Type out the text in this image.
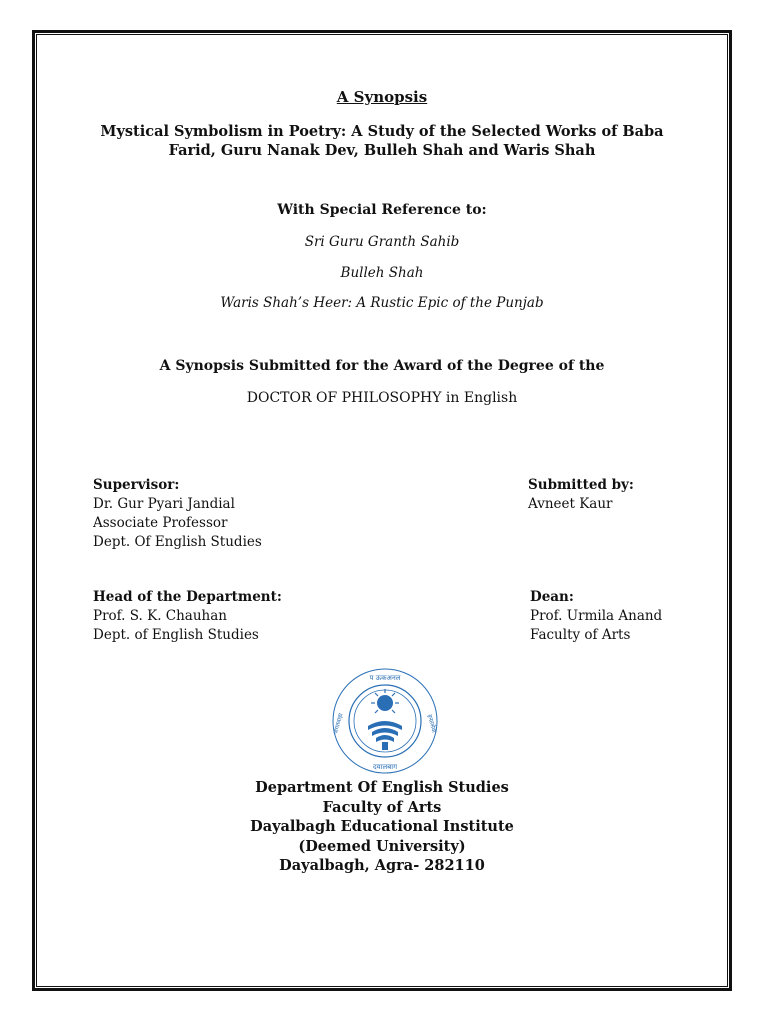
A Synopsis
Mystical Symbolism in Poetry: A Study of the Selected Works of Baba
Farid, Guru Nanak Dev, Bulleh Shah and Waris Shah
With Special Reference to:
Sri Guru Granth Sahib
Bulleh Shah
Waris Shah’s Heer: A Rustic Epic of the Punjab
A Synopsis Submitted for the Award of the Degree of the
DOCTOR OF PHILOSOPHY in English
Supervisor:
Dr. Gur Pyari Jandial
Associate Professor
Dept. Of English Studies
Submitted by:
Avneet Kaur
Head of the Department:
Prof. S. K. Chauhan
Dept. of English Studies
Dean:
Prof. Urmila Anand
Faculty of Arts
प ऊकअनल
जगतवाड़ा	इनतसेवा
दयालबाग
Department Of English Studies
Faculty of Arts
Dayalbagh Educational Institute
(Deemed University)
Dayalbagh, Agra- 282110
